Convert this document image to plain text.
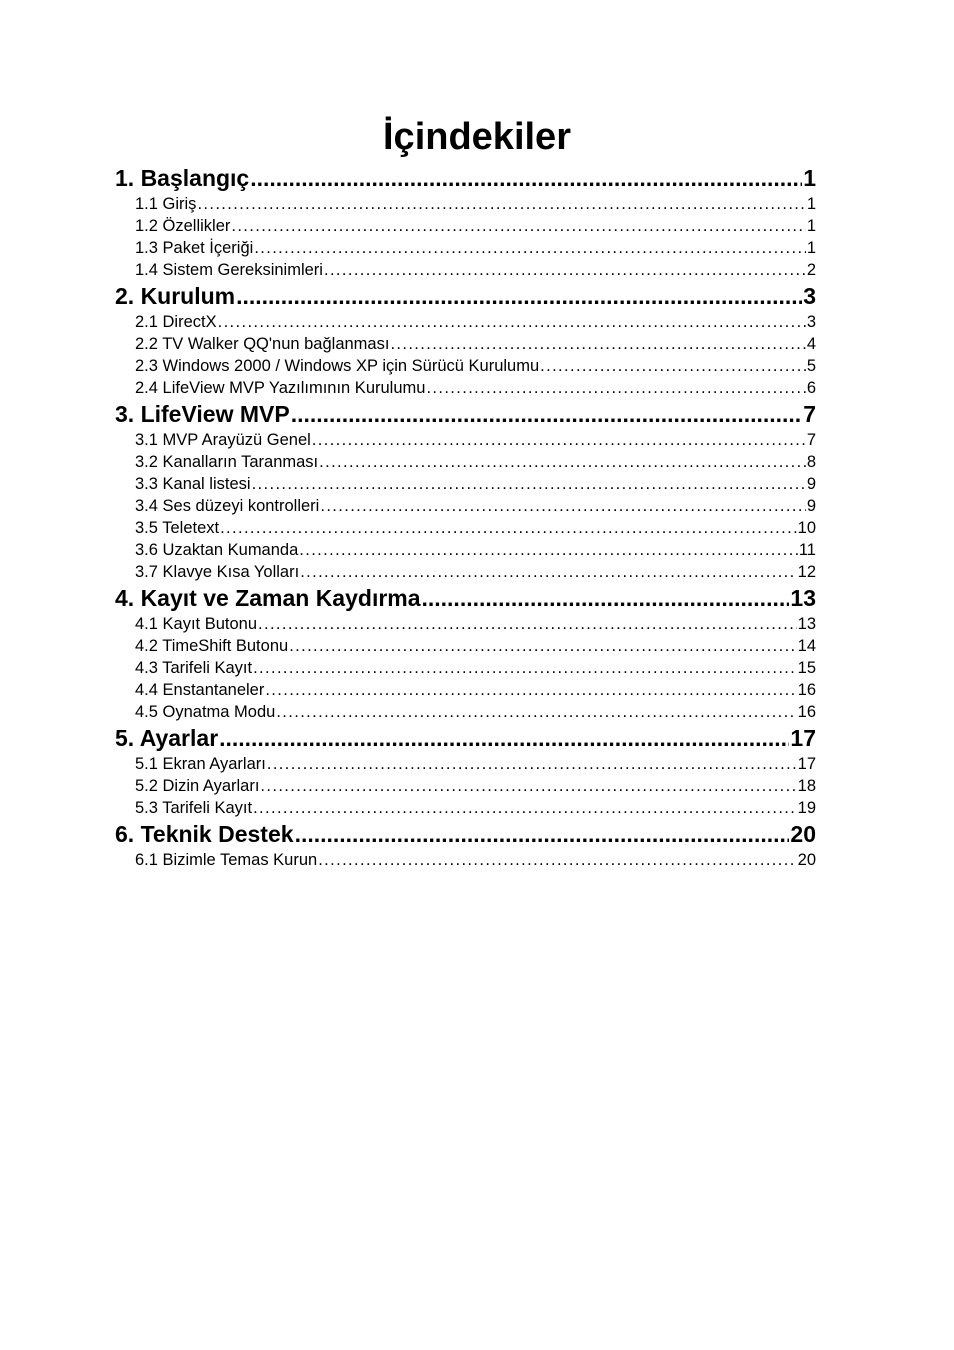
İçindekiler
1. Başlangıç . . .	1
1.1 Giriş . . .	1
1.2 Özellikler . . .	1
1.3 Paket İçeriği . . .	1
1.4 Sistem Gereksinimleri . . .	2
2. Kurulum . . .	3
2.1 DirectX . . .	3
2.2 TV Walker QQ'nun bağlanması . . .	4
2.3 Windows 2000 / Windows XP için Sürücü Kurulumu . . .	5
2.4 LifeView MVP Yazılımının Kurulumu . . .	6
3. LifeView MVP . . .	7
3.1 MVP Arayüzü Genel . . .	7
3.2 Kanalların Taranması . . .	8
3.3 Kanal listesi . . .	9
3.4 Ses düzeyi kontrolleri . . .	9
3.5 Teletext . . .	10
3.6 Uzaktan Kumanda . . .	11
3.7 Klavye Kısa Yolları . . .	12
4. Kayıt ve Zaman Kaydırma . . .	13
4.1 Kayıt Butonu . . .	13
4.2 TimeShift Butonu . . .	14
4.3 Tarifeli Kayıt . . .	15
4.4 Enstantaneler . . .	16
4.5 Oynatma Modu . . .	16
5. Ayarlar . . .	17
5.1 Ekran Ayarları . . .	17
5.2 Dizin Ayarları . . .	18
5.3 Tarifeli Kayıt . . .	19
6. Teknik Destek . . .	20
6.1 Bizimle Temas Kurun . . .	20
